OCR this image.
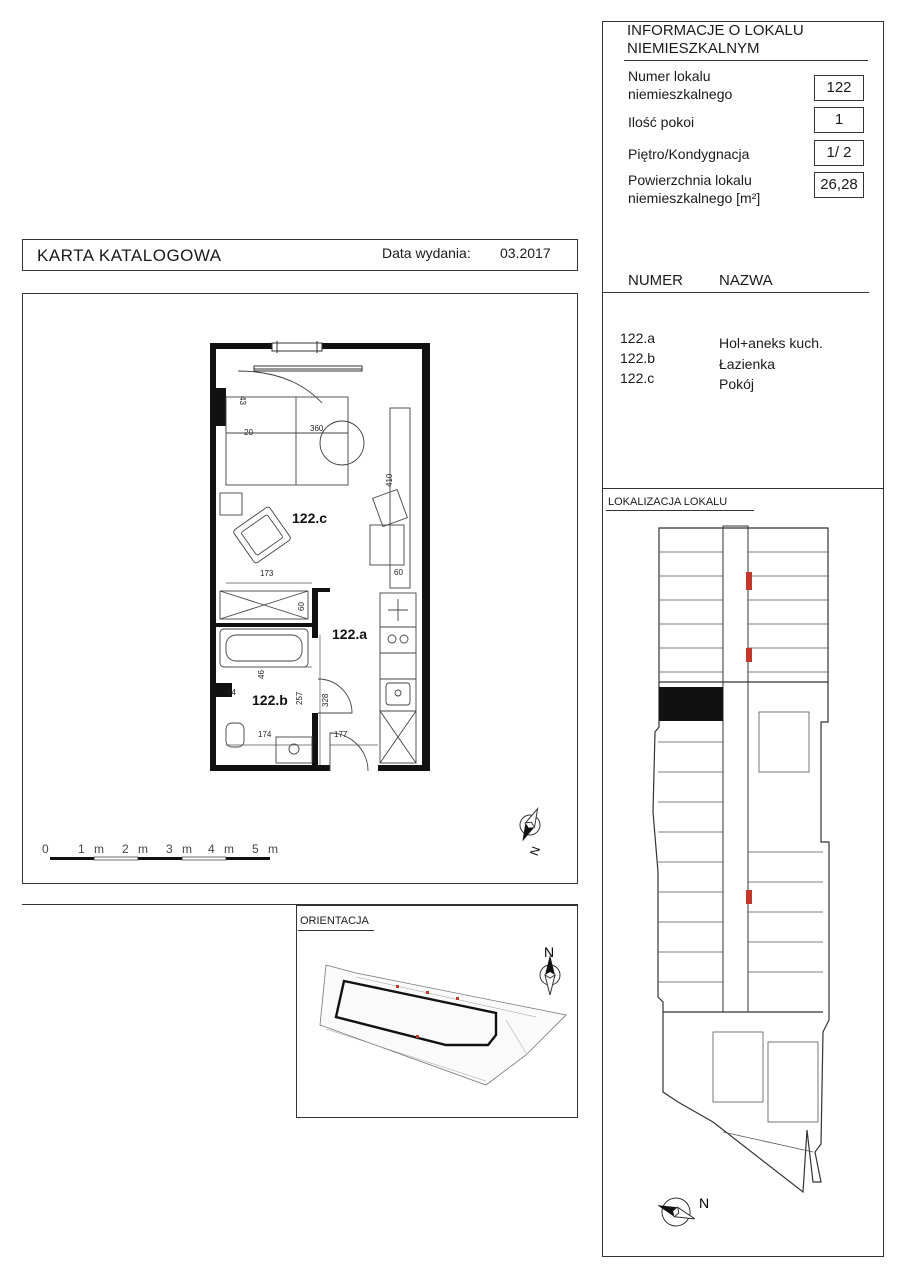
INFORMACJE O LOKALU
NIEMIESZKALNYM
Numer lokalu
niemieszkalnego	122
Ilość pokoi	1
Piętro/Kondygnacja	1/ 2
Powierzchnia lokalu
niemieszkalnego [m²]
26,28
NUMER NAZWA
122.a	Hol+aneks kuch.
122.b	Łazienka
122.c	Pokój
LOKALIZACJA LOKALU
N
KARTA KATALOGOWA	Data wydania: 03.2017
360
43
20
410
173	60
60
46
44	257 328
174	177
122.c
122.a
122.b
N
0 1 m 2 m 3 m 4 m 5 m
ORIENTACJA
N
